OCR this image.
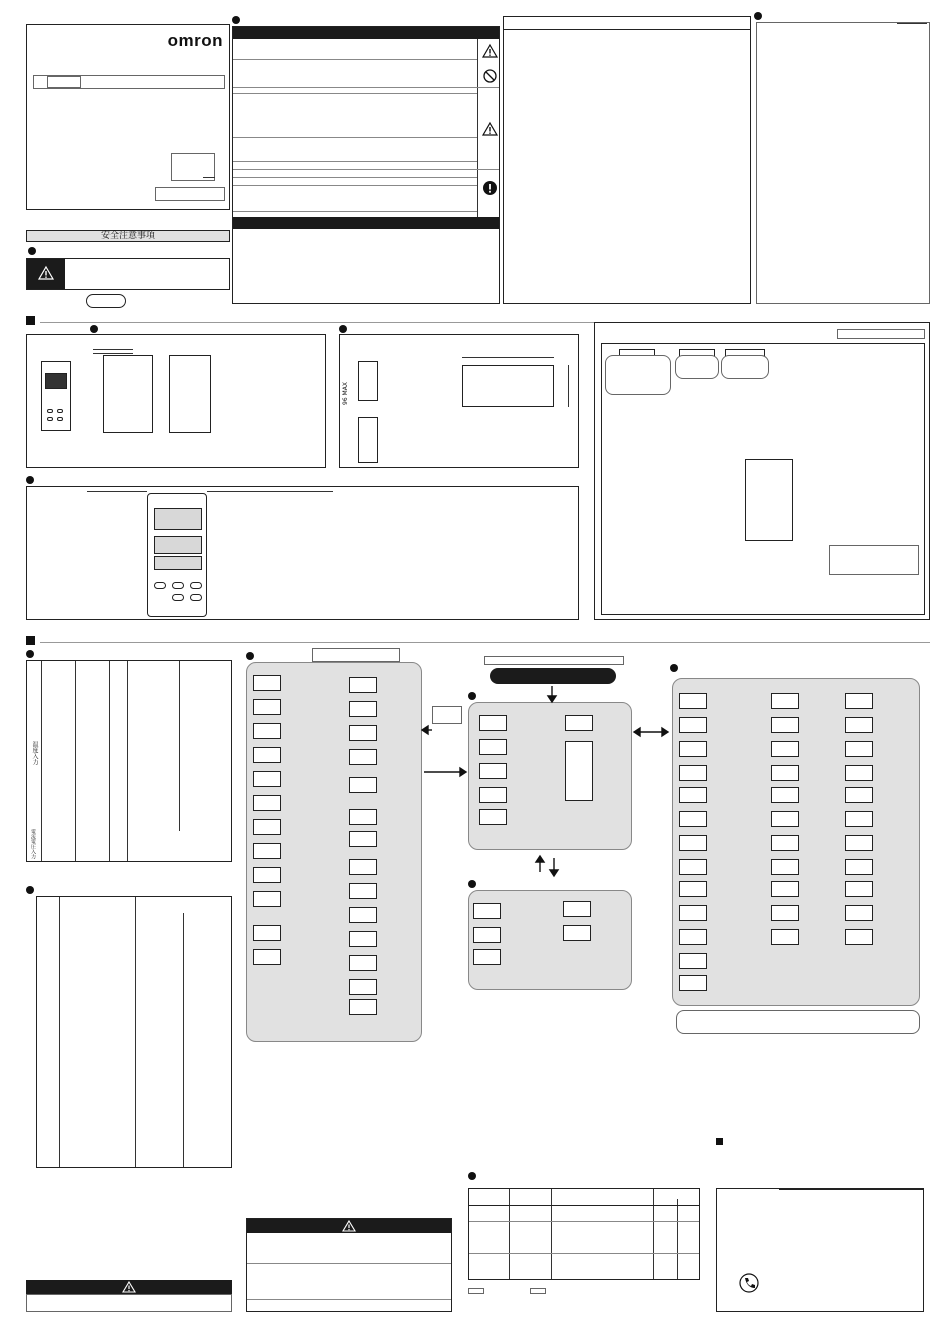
omron
安全注意事項
96 MAX
温度入力
電流電圧入力
